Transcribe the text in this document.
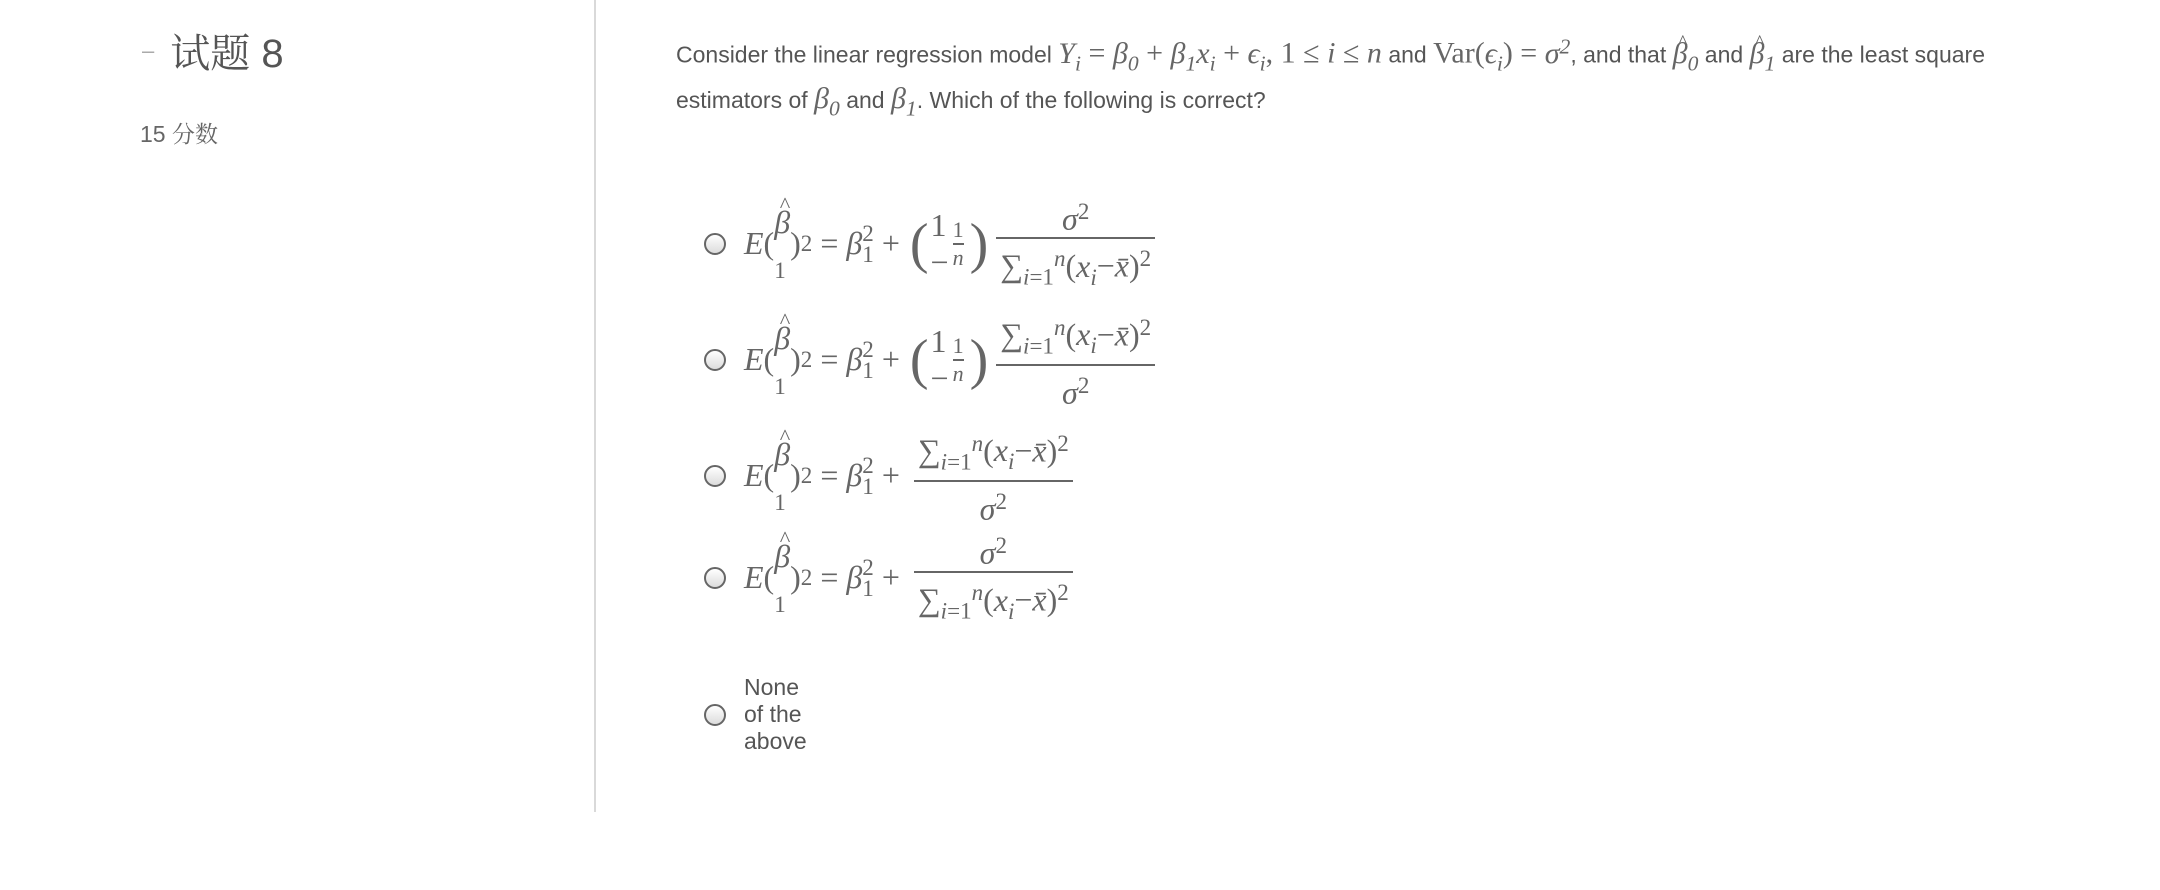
– 试题 8
15 分数
Consider the linear regression model $Y_i = \beta_0 + \beta_1x_i + \epsilon_i$, 1 ≤ i ≤ n and $Var(\epsilon_i) = \sigma^2$, and that ^ $\beta_0$ and ^ $\beta_1$ are the least square estimators of $\beta_0$ and $\beta_1$. Which of the following is correct?
E (
^ $\beta_1$
) 2 = β 2
1 + ( $1 - \frac{1}{n}$ ) $\frac{\sigma^2}{\sum_{i=1}^n(x_i-x̄)^2}$
E (
^ $\beta_1$
) 2 = β 2
1 + ( $1 - \frac{1}{n}$ ) $\frac{\sum_{i=1}^n(x_i-x̄)^2}{\sigma^2}$
E (
^ $\beta_1$
) 2 = β 2
$1 + \frac{\sum_{i=1}^n(x_i-x̄)^2}{\sigma^2}$
E (
^ $\beta_1$
) 2 = β 2
$1 + \frac{\sigma^2}{\sum_{i=1}^n(x_i-x̄)^2}$
None of the above
